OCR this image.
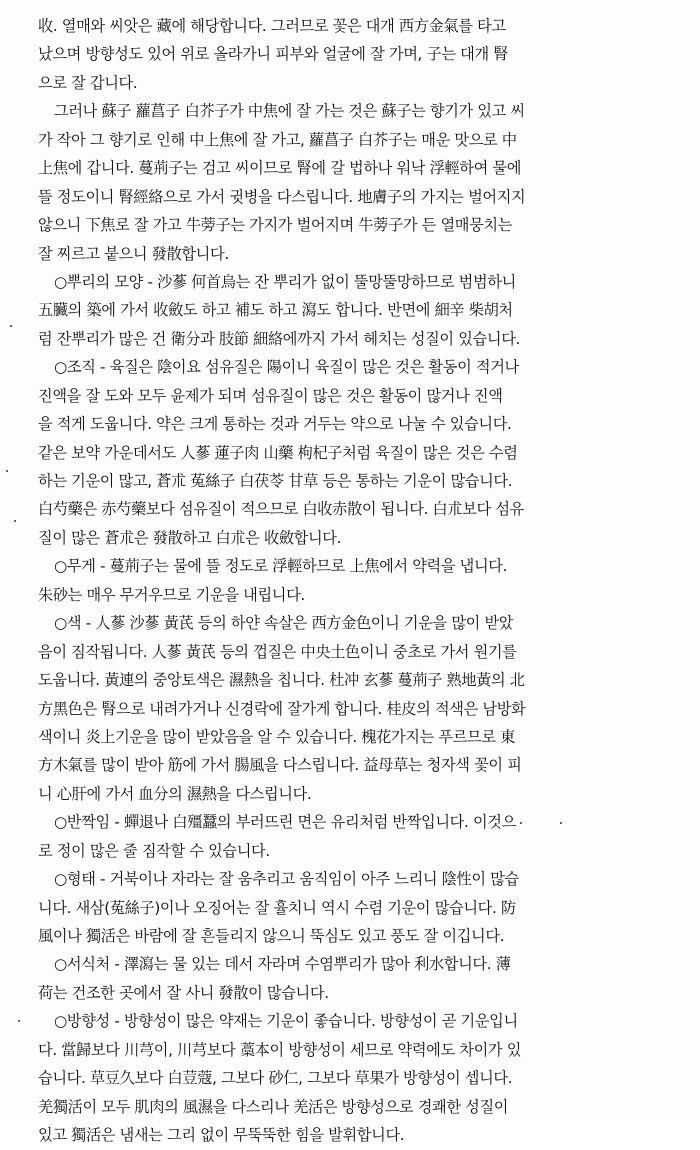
收. 열매와 씨앗은 藏에 해당합니다. 그러므로 꽃은 대개 西方金氣를 타고
났으며 방향성도 있어 위로 올라가니 피부와 얼굴에 잘 가며, 子는 대개 腎
으로 잘 갑니다.
그러나 蘇子 蘿菖子 白芥子가 中焦에 잘 가는 것은 蘇子는 향기가 있고 씨
가 작아 그 향기로 인해 中上焦에 잘 가고, 蘿菖子 白芥子는 매운 맛으로 中
上焦에 갑니다. 蔓荊子는 검고 씨이므로 腎에 갈 법하나 워낙 浮輕하여 물에
뜰 정도이니 腎經絡으로 가서 귓병을 다스립니다. 地膚子의 가지는 벌어지지
않으니 下焦로 잘 가고 牛蒡子는 가지가 벌어지며 牛蒡子가 든 열매뭉치는
잘 찌르고 붙으니 發散합니다.
○뿌리의 모양 - 沙蔘 何首烏는 잔 뿌리가 없이 뚤망뚤망하므로 범범하니
五臟의 築에 가서 收斂도 하고 補도 하고 瀉도 합니다. 반면에 細辛 柴胡처
럼 잔뿌리가 많은 건 衛分과 肢節 細絡에까지 가서 헤치는 성질이 있습니다.
○조직 - 육질은 陰이요 섬유질은 陽이니 육질이 많은 것은 활동이 적거나
진액을 잘 도와 모두 윤제가 되며 섬유질이 많은 것은 활동이 많거나 진액
을 적게 도웁니다. 약은 크게 통하는 것과 거두는 약으로 나눌 수 있습니다.
같은 보약 가운데서도 人蔘 蓮子肉 山藥 枸杞子처럼 육질이 많은 것은 수렴
하는 기운이 많고, 蒼朮 菟絲子 白茯苓 甘草 등은 통하는 기운이 많습니다.
白芍藥은 赤芍藥보다 섬유질이 적으므로 白收赤散이 됩니다. 白朮보다 섬유
질이 많은 蒼朮은 發散하고 白朮은 收斂합니다.
○무게 - 蔓荊子는 물에 뜰 정도로 浮輕하므로 上焦에서 약력을 냅니다.
朱砂는 매우 무거우므로 기운을 내립니다.
○색 - 人蔘 沙蔘 黃芪 등의 하얀 속살은 西方金色이니 기운을 많이 받았
음이 짐작됩니다. 人蔘 黃芪 등의 껍질은 中央土色이니 중초로 가서 원기를
도웁니다. 黃連의 중앙토색은 濕熱을 칩니다. 杜冲 玄蔘 蔓荊子 熟地黃의 北
方黑色은 腎으로 내려가거나 신경락에 잘가게 합니다. 桂皮의 적색은 남방화
색이니 炎上기운을 많이 받았음을 알 수 있습니다. 槐花가지는 푸르므로 東
方木氣를 많이 받아 筋에 가서 腸風을 다스립니다. 益母草는 청자색 꽃이 피
니 心肝에 가서 血分의 濕熱을 다스립니다.
○반짝임 - 蟬退나 白殭蠶의 부러뜨린 면은 유리처럼 반짝입니다. 이것으
로 정이 많은 줄 짐작할 수 있습니다.
○형태 - 거북이나 자라는 잘 움추리고 움직임이 아주 느리니 陰性이 많습
니다. 새삼(菟絲子)이나 오징어는 잘 휼치니 역시 수렴 기운이 많습니다. 防
風이나 獨活은 바람에 잘 흔들리지 않으니 뚝심도 있고 풍도 잘 이깁니다.
○서식처 - 澤瀉는 물 있는 데서 자라며 수염뿌리가 많아 利水합니다. 薄
荷는 건조한 곳에서 잘 사니 發散이 많습니다.
○방향성 - 방향성이 많은 약재는 기운이 좋습니다. 방향성이 곧 기운입니
다. 當歸보다 川芎이, 川芎보다 藁本이 방향성이 세므로 약력에도 차이가 있
습니다. 草豆久보다 白荳蔻, 그보다 砂仁, 그보다 草果가 방향성이 셉니다.
羌獨活이 모두 肌肉의 風濕을 다스리나 羌活은 방향성으로 경쾌한 성질이
있고 獨活은 냄새는 그리 없이 무뚝뚝한 힘을 발휘합니다.
